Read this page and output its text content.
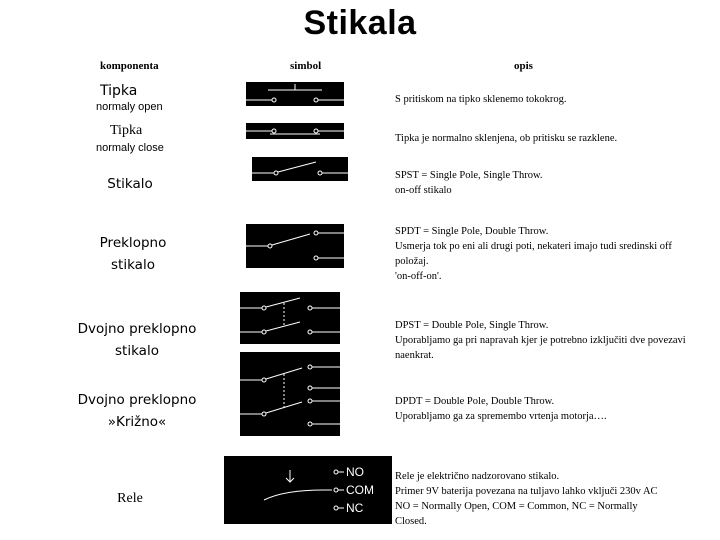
Stikala
komponenta	simbol	opis
Tipka
normaly open
S pritiskom na tipko sklenemo tokokrog.
Tipka
normaly close
Tipka je normalno sklenjena, ob pritisku se razklene.
Stikalo
SPST = Single Pole, Single Throw.
on-off stikalo
Preklopno
stikalo
SPDT = Single Pole, Double Throw.
Usmerja tok po eni ali drugi poti, nekateri imajo tudi sredinski off položaj.
'on-off-on'.
Dvojno preklopno
stikalo
DPST = Double Pole, Single Throw.
Uporabljamo ga pri napravah kjer je potrebno izključiti dve povezavi naenkrat.
Dvojno preklopno
»Križno«
DPDT = Double Pole, Double Throw.
Uporabljamo ga za spremembo vrtenja motorja….
Rele
NO
COM
NC
Rele je električno nadzorovano stikalo.
Primer 9V baterija povezana na tuljavo lahko vključi 230v AC
NO = Normally Open, COM = Common, NC = Normally
Closed.
